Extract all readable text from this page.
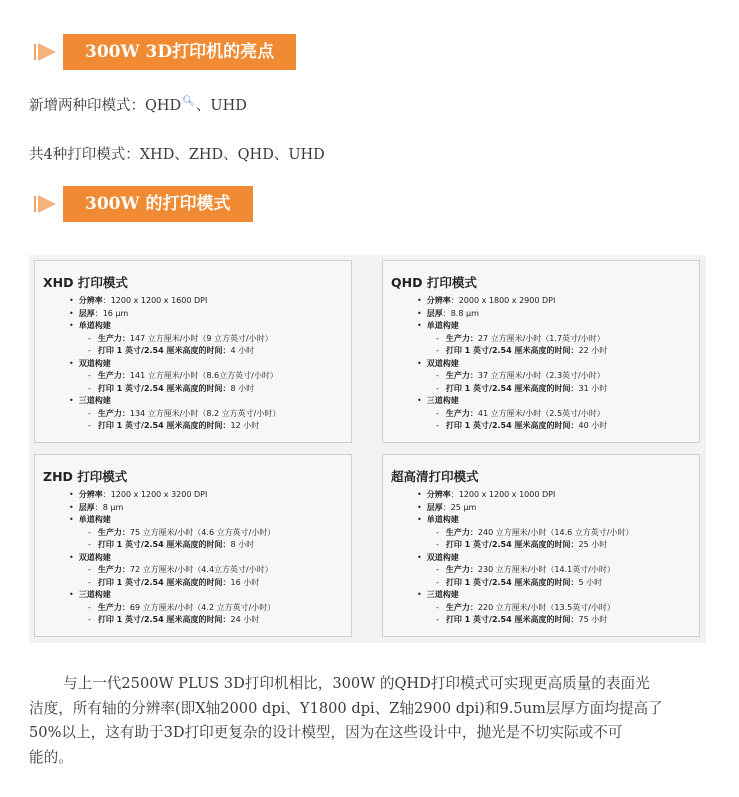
300W 3D打印机的亮点
新增两种印模式：QHD🔍︎、UHD
共4种打印模式：XHD、ZHD、QHD、UHD
300W 的打印模式
XHD 打印模式
• 分辨率：1200 x 1200 x 1600 DPI
• 层厚：16 μm
• 单道构建
- 生产力：147 立方厘米/小时（9 立方英寸/小时）
- 打印 1 英寸/2.54 厘米高度的时间：4 小时
• 双道构建
- 生产力：141 立方厘米/小时（8.6立方英寸/小时）
- 打印 1 英寸/2.54 厘米高度的时间：8 小时
• 三道构建
- 生产力：134 立方厘米/小时（8.2 立方英寸/小时）
- 打印 1 英寸/2.54 厘米高度的时间：12 小时
QHD 打印模式
• 分辨率：2000 x 1800 x 2900 DPI
• 层厚：8.8 μm
• 单道构建
- 生产力：27 立方厘米/小时（1.7英寸/小时）
- 打印 1 英寸/2.54 厘米高度的时间：22 小时
• 双道构建
- 生产力：37 立方厘米/小时（2.3英寸/小时）
- 打印 1 英寸/2.54 厘米高度的时间：31 小时
• 三道构建
- 生产力：41 立方厘米/小时（2.5英寸/小时）
- 打印 1 英寸/2.54 厘米高度的时间：40 小时
ZHD 打印模式
• 分辨率：1200 x 1200 x 3200 DPI
• 层厚：8 μm
• 单道构建
- 生产力：75 立方厘米/小时（4.6 立方英寸/小时）
- 打印 1 英寸/2.54 厘米高度的时间：8 小时
• 双道构建
- 生产力：72 立方厘米/小时（4.4立方英寸/小时）
- 打印 1 英寸/2.54 厘米高度的时间：16 小时
• 三道构建
- 生产力：69 立方厘米/小时（4.2 立方英寸/小时）
- 打印 1 英寸/2.54 厘米高度的时间：24 小时
超高清打印模式
• 分辨率：1200 x 1200 x 1000 DPI
• 层厚：25 μm
• 单道构建
- 生产力：240 立方厘米/小时（14.6 立方英寸/小时）
- 打印 1 英寸/2.54 厘米高度的时间：25 小时
• 双道构建
- 生产力：230 立方厘米/小时（14.1英寸/小时）
- 打印 1 英寸/2.54 厘米高度的时间：5 小时
• 三道构建
- 生产力：220 立方厘米/小时（13.5英寸/小时）
- 打印 1 英寸/2.54 厘米高度的时间：75 小时
与上一代2500W PLUS 3D打印机相比，300W 的QHD打印模式可实现更高质量的表面光
洁度，所有轴的分辨率(即X轴2000 dpi、Y1800 dpi、Z轴2900 dpi)和9.5um层厚方面均提高了
50%以上，这有助于3D打印更复杂的设计模型，因为在这些设计中，抛光是不切实际或不可
能的。
